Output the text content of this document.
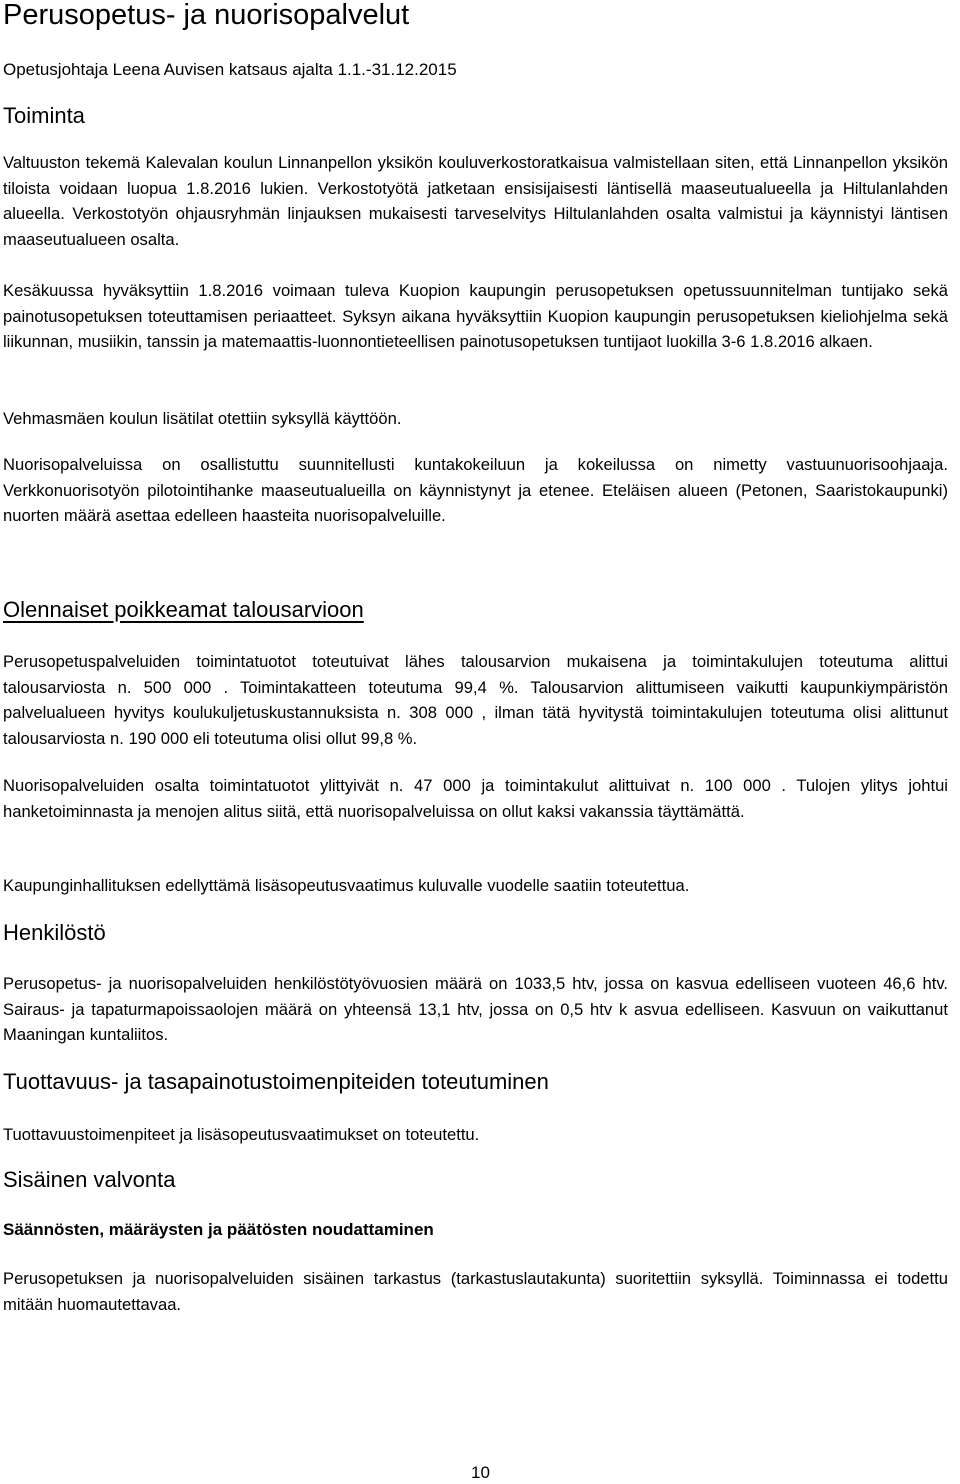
Perusopetus- ja nuorisopalvelut
Opetusjohtaja Leena Auvisen katsaus ajalta 1.1.-31.12.2015
Toiminta

Valtuuston tekemä Kalevalan koulun Linnanpellon yksikön kouluverkostoratkaisua valmistellaan siten, että Linnanpellon yksikön tiloista voidaan luopua 1.8.2016 lukien. Verkostotyötä jatketaan ensisijaisesti läntisellä maaseutualueella ja Hiltulanlahden alueella. Verkostotyön ohjausryhmän linjauksen mukaisesti tarveselvitys Hiltulanlahden osalta valmistui ja käynnistyi läntisen maaseutualueen osalta.

Kesäkuussa hyväksyttiin 1.8.2016 voimaan tuleva Kuopion kaupungin perusopetuksen opetussuunnitelman tuntijako sekä painotusopetuksen toteuttamisen periaatteet. Syksyn aikana hyväksyttiin Kuopion kaupungin perusopetuksen kieliohjelma sekä liikunnan, musiikin, tanssin ja matemaattis-luonnontieteellisen painotusopetuksen tuntijaot luokilla 3-6 1.8.2016 alkaen.

Vehmasmäen koulun lisätilat otettiin syksyllä käyttöön.

Nuorisopalveluissa on osallistuttu suunnitellusti kuntakokeiluun ja kokeilussa on nimetty vastuunuorisoohjaaja. Verkkonuorisotyön pilotointihanke maaseutualueilla on käynnistynyt ja etenee. Eteläisen alueen (Petonen, Saaristokaupunki) nuorten määrä asettaa edelleen haasteita nuorisopalveluille.

Olennaiset poikkeamat talousarvioon

Perusopetuspalveluiden toimintatuotot toteutuivat lähes talousarvion mukaisena ja toimintakulujen toteutuma alittui talousarviosta n. 500 000 . Toimintakatteen toteutuma 99,4 %. Talousarvion alittumiseen vaikutti kaupunkiympäristön palvelualueen hyvitys koulukuljetuskustannuksista n. 308 000 , ilman tätä hyvitystä toimintakulujen toteutuma olisi alittunut talousarviosta n. 190 000 eli toteutuma olisi ollut 99,8 %.

Nuorisopalveluiden osalta toimintatuotot ylittyivät n. 47 000 ja toimintakulut alittuivat n. 100 000 . Tulojen ylitys johtui hanketoiminnasta ja menojen alitus siitä, että nuorisopalveluissa on ollut kaksi vakanssia täyttämättä.

Kaupunginhallituksen edellyttämä lisäsopeutusvaatimus kuluvalle vuodelle saatiin toteutettua.

Henkilöstö

Perusopetus- ja nuorisopalveluiden henkilöstötyövuosien määrä on 1033,5 htv, jossa on kasvua edelliseen vuoteen 46,6 htv. Sairaus- ja tapaturmapoissaolojen määrä on yhteensä 13,1 htv, jossa on 0,5 htv k asvua edelliseen. Kasvuun on vaikuttanut Maaningan kuntaliitos.

Tuottavuus- ja tasapainotustoimenpiteiden toteutuminen

Tuottavuustoimenpiteet ja lisäsopeutusvaatimukset on toteutettu.

Sisäinen valvonta
Säännösten, määräysten ja päätösten noudattaminen

Perusopetuksen ja nuorisopalveluiden sisäinen tarkastus (tarkastuslautakunta) suoritettiin syksyllä. Toiminnassa ei todettu mitään huomautettavaa.

10
